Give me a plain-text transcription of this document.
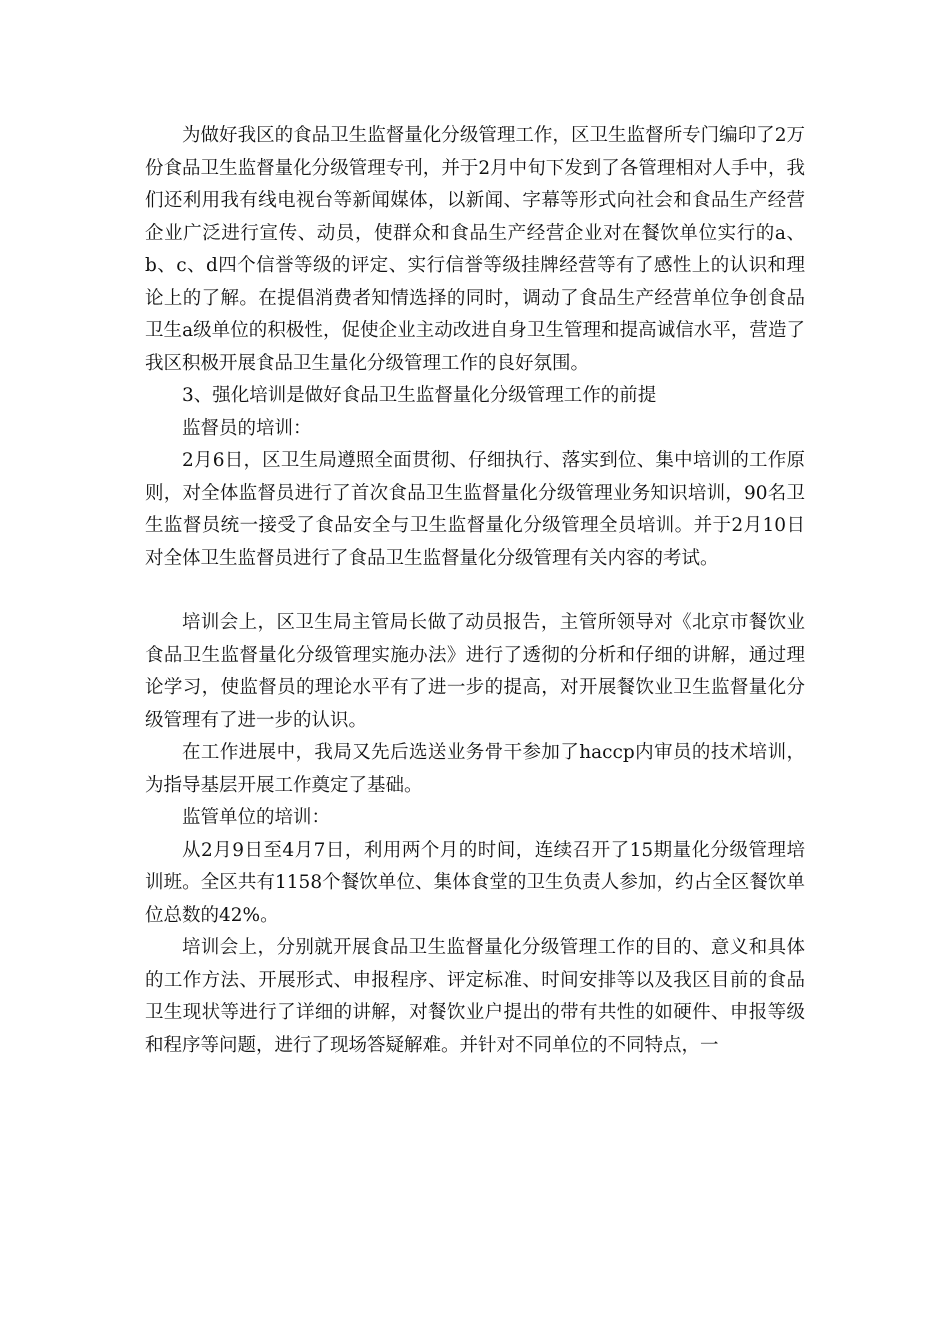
为做好我区的食品卫生监督量化分级管理工作，区卫生监督所专门编印了2万份食品卫生监督量化分级管理专刊，并于2月中旬下发到了各管理相对人手中，我们还利用我有线电视台等新闻媒体，以新闻、字幕等形式向社会和食品生产经营企业广泛进行宣传、动员，使群众和食品生产经营企业对在餐饮单位实行的a、b、c、d四个信誉等级的评定、实行信誉等级挂牌经营等有了感性上的认识和理论上的了解。在提倡消费者知情选择的同时，调动了食品生产经营单位争创食品卫生a级单位的积极性，促使企业主动改进自身卫生管理和提高诚信水平，营造了我区积极开展食品卫生量化分级管理工作的良好氛围。

3、强化培训是做好食品卫生监督量化分级管理工作的前提

监督员的培训：

2月6日，区卫生局遵照全面贯彻、仔细执行、落实到位、集中培训的工作原则，对全体监督员进行了首次食品卫生监督量化分级管理业务知识培训，90名卫生监督员统一接受了食品安全与卫生监督量化分级管理全员培训。并于2月10日对全体卫生监督员进行了食品卫生监督量化分级管理有关内容的考试。

培训会上，区卫生局主管局长做了动员报告，主管所领导对《北京市餐饮业食品卫生监督量化分级管理实施办法》进行了透彻的分析和仔细的讲解，通过理论学习，使监督员的理论水平有了进一步的提高，对开展餐饮业卫生监督量化分级管理有了进一步的认识。

在工作进展中，我局又先后选送业务骨干参加了haccp内审员的技术培训，为指导基层开展工作奠定了基础。

监管单位的培训：

从2月9日至4月7日，利用两个月的时间，连续召开了15期量化分级管理培训班。全区共有1158个餐饮单位、集体食堂的卫生负责人参加，约占全区餐饮单位总数的42%。

培训会上，分别就开展食品卫生监督量化分级管理工作的目的、意义和具体的工作方法、开展形式、申报程序、评定标准、时间安排等以及我区目前的食品卫生现状等进行了详细的讲解，对餐饮业户提出的带有共性的如硬件、申报等级和程序等问题，进行了现场答疑解难。并针对不同单位的不同特点，一
